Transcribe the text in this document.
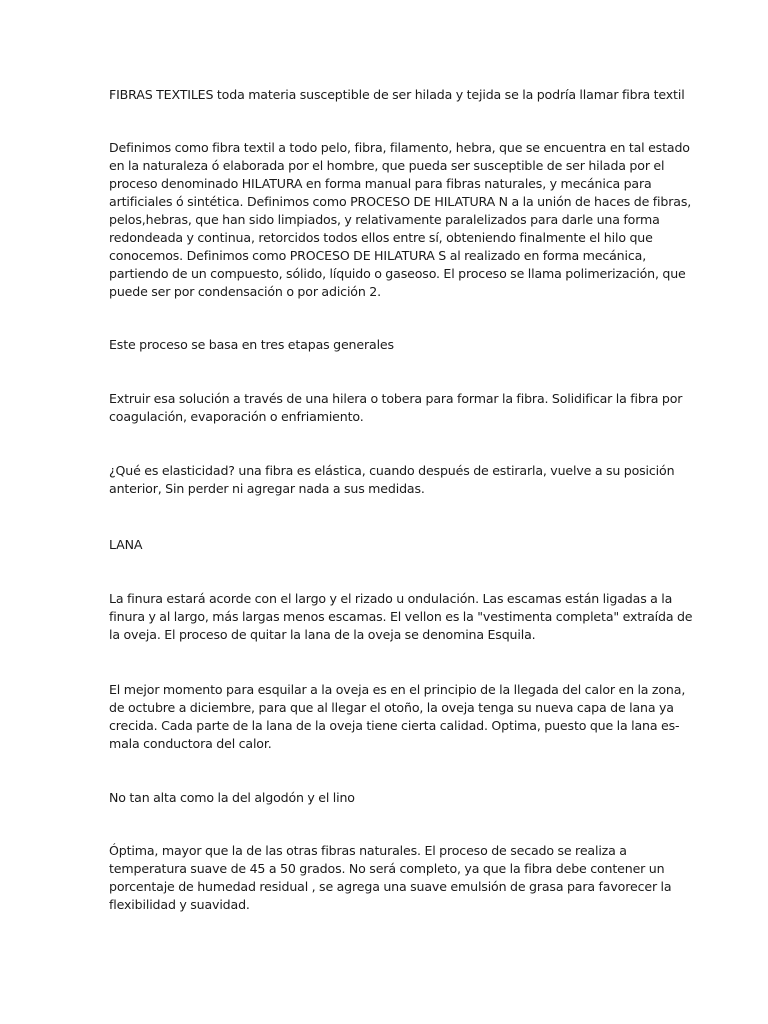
FIBRAS TEXTILES toda materia susceptible de ser hilada y tejida se la podría llamar fibra textil

Definimos como fibra textil a todo pelo, fibra, filamento, hebra, que se encuentra en tal estado
en la naturaleza ó elaborada por el hombre, que pueda ser susceptible de ser hilada por el
proceso denominado HILATURA en forma manual para fibras naturales, y mecánica para
artificiales ó sintética. Definimos como PROCESO DE HILATURA N a la unión de haces de fibras,
pelos,hebras, que han sido limpiados, y relativamente paralelizados para darle una forma
redondeada y continua, retorcidos todos ellos entre sí, obteniendo finalmente el hilo que
conocemos. Definimos como PROCESO DE HILATURA S al realizado en forma mecánica,
partiendo de un compuesto, sólido, líquido o gaseoso. El proceso se llama polimerización, que
puede ser por condensación o por adición 2.

Este proceso se basa en tres etapas generales

Extruir esa solución a través de una hilera o tobera para formar la fibra. Solidificar la fibra por
coagulación, evaporación o enfriamiento.

¿Qué es elasticidad? una fibra es elástica, cuando después de estirarla, vuelve a su posición
anterior, Sin perder ni agregar nada a sus medidas.

LANA

La finura estará acorde con el largo y el rizado u ondulación. Las escamas están ligadas a la
finura y al largo, más largas menos escamas. El vellon es la "vestimenta completa" extraída de
la oveja. El proceso de quitar la lana de la oveja se denomina Esquila.

El mejor momento para esquilar a la oveja es en el principio de la llegada del calor en la zona,
de octubre a diciembre, para que al llegar el otoño, la oveja tenga su nueva capa de lana ya
crecida. Cada parte de la lana de la oveja tiene cierta calidad. Optima, puesto que la lana es-
mala conductora del calor.

No tan alta como la del algodón y el lino

Óptima, mayor que la de las otras fibras naturales. El proceso de secado se realiza a
temperatura suave de 45 a 50 grados. No será completo, ya que la fibra debe contener un
porcentaje de humedad residual , se agrega una suave emulsión de grasa para favorecer la
flexibilidad y suavidad.
